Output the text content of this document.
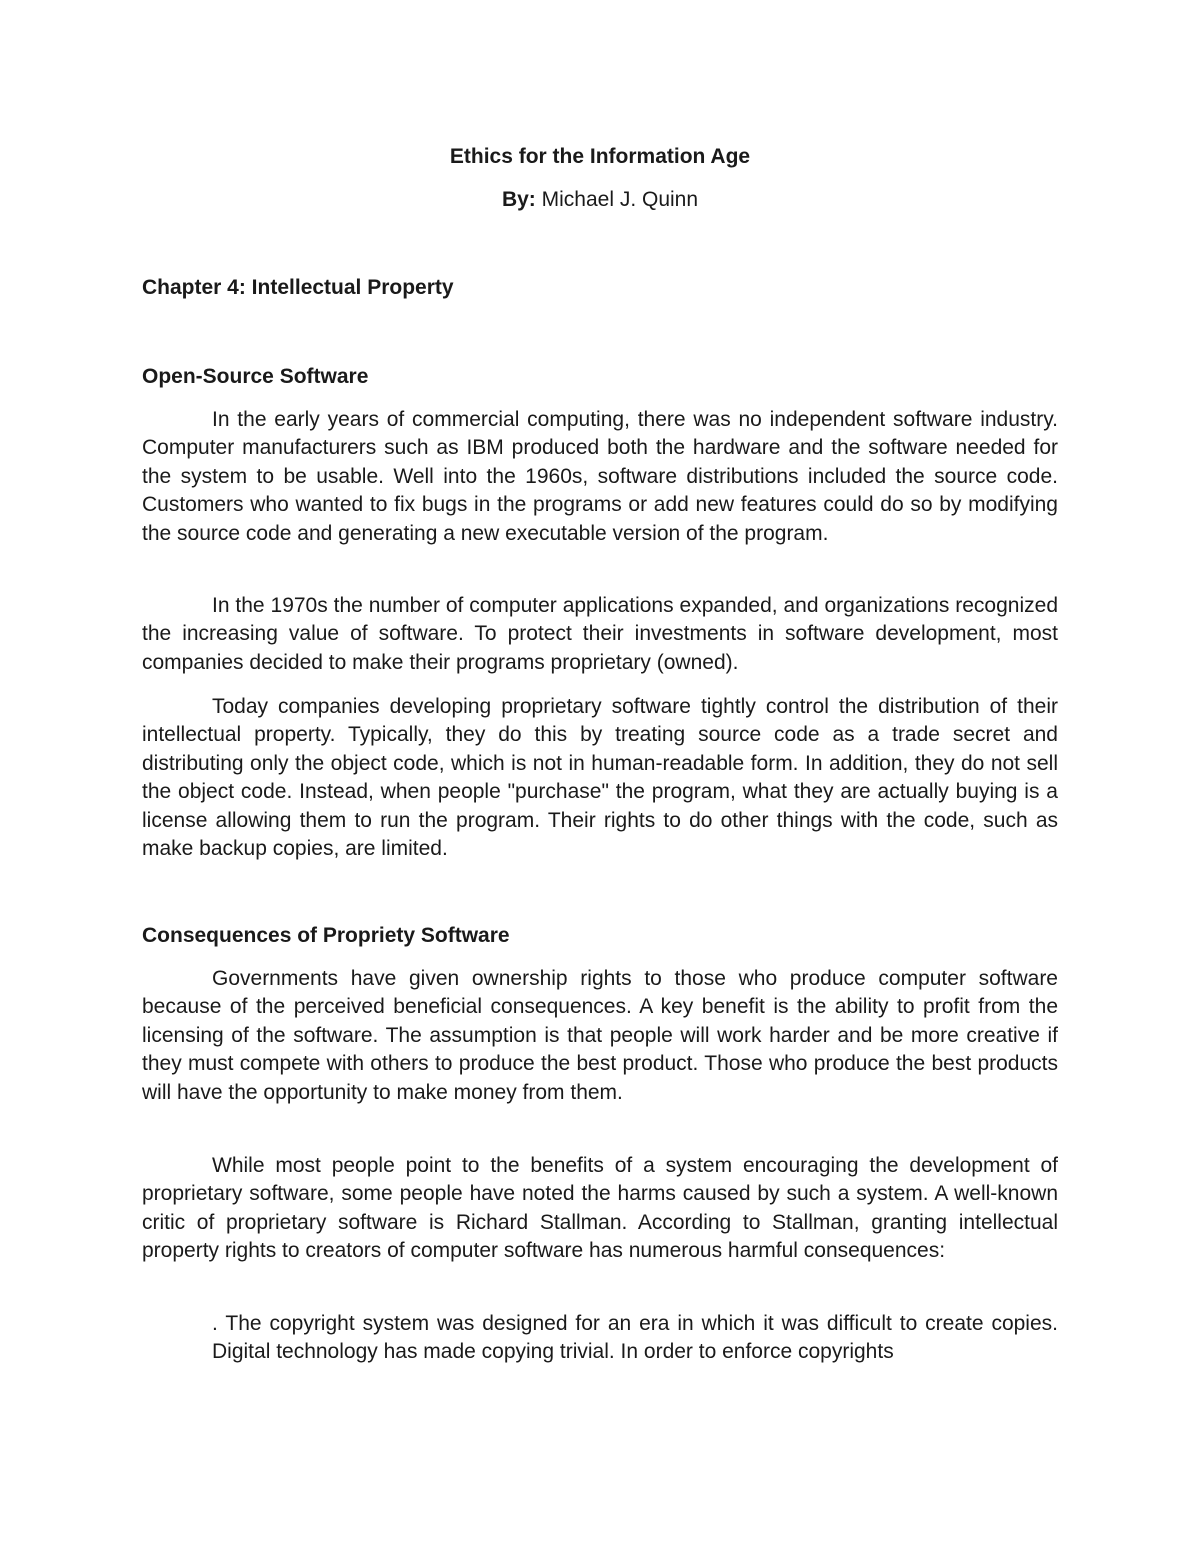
Ethics for the Information Age
By: Michael J. Quinn
Chapter 4: Intellectual Property
Open-Source Software

In the early years of commercial computing, there was no independent software industry. Computer manufacturers such as IBM produced both the hardware and the software needed for the system to be usable. Well into the 1960s, software distributions included the source code. Customers who wanted to fix bugs in the programs or add new features could do so by modifying the source code and generating a new executable version of the program.

In the 1970s the number of computer applications expanded, and organizations recognized the increasing value of software. To protect their investments in software development, most companies decided to make their programs proprietary (owned).

Today companies developing proprietary software tightly control the distribution of their intellectual property. Typically, they do this by treating source code as a trade secret and distributing only the object code, which is not in human-readable form. In addition, they do not sell the object code. Instead, when people "purchase" the program, what they are actually buying is a license allowing them to run the program. Their rights to do other things with the code, such as make backup copies, are limited.

Consequences of Propriety Software

Governments have given ownership rights to those who produce computer software because of the perceived beneficial consequences. A key benefit is the ability to profit from the licensing of the software. The assumption is that people will work harder and be more creative if they must compete with others to produce the best product. Those who produce the best products will have the opportunity to make money from them.

While most people point to the benefits of a system encouraging the development of proprietary software, some people have noted the harms caused by such a system. A well-known critic of proprietary software is Richard Stallman. According to Stallman, granting intellectual property rights to creators of computer software has numerous harmful consequences:

. The copyright system was designed for an era in which it was difficult to create copies. Digital technology has made copying trivial. In order to enforce copyrights
